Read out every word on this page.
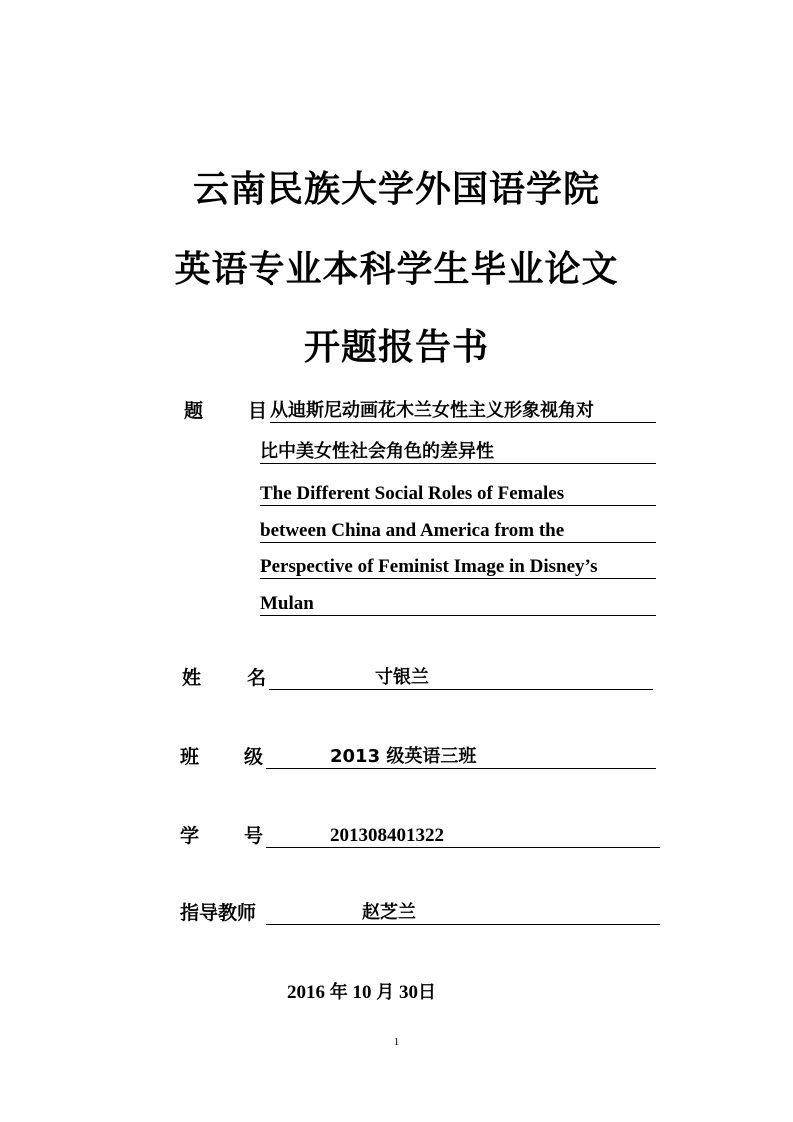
云南民族大学外国语学院
英语专业本科学生毕业论文
开题报告书
题 目 从迪斯尼动画花木兰女性主义形象视角对
比中美女性社会角色的差异性
The Different Social Roles of Females
between China and America from the
Perspective of Feminist Image in Disney’s
Mulan
姓 名	寸银兰
班 级	2013 级英语三班
学 号	201308401322
指导教师	赵芝兰
2016 年 10 月 30日
1
